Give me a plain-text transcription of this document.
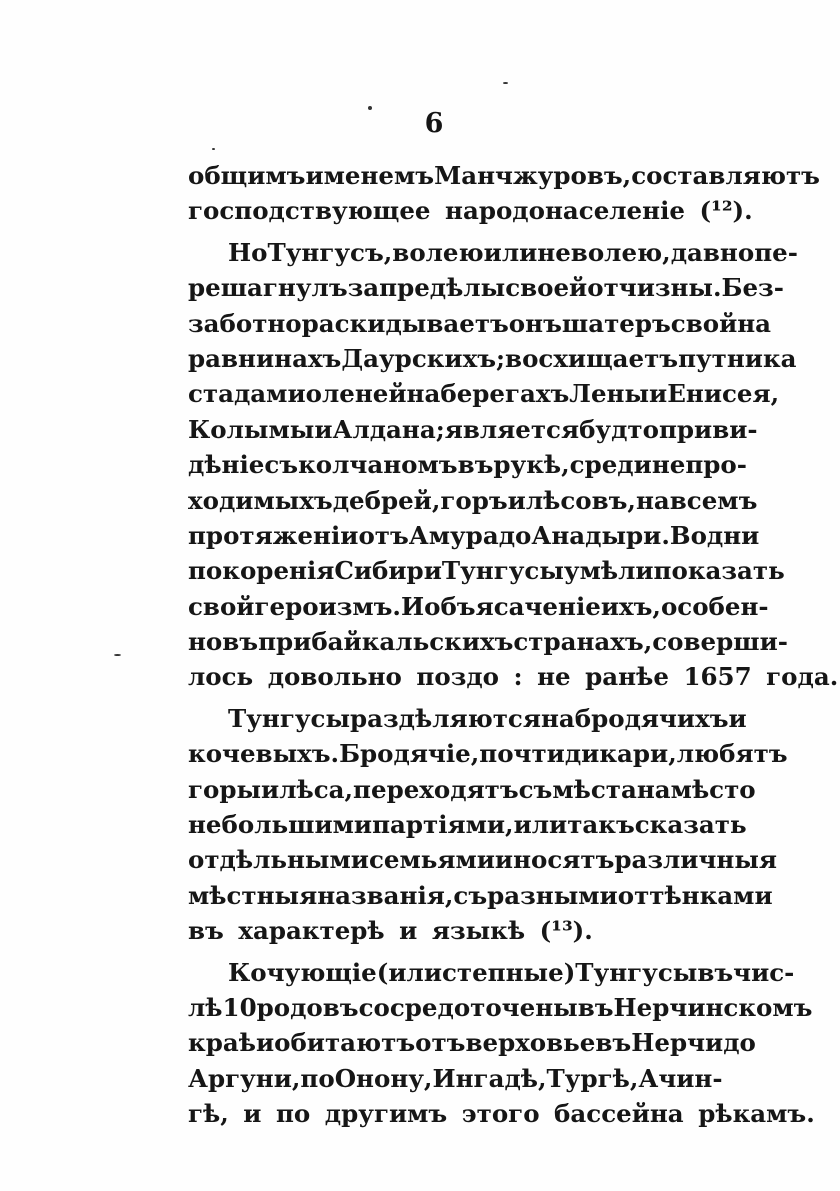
6
общимъ именемъ Манчжуровъ, составляютъ
господствующее народонаселеніе (¹²).
Но Тунгусъ, волею или неволею, давно пе-
решагнулъ за предѣлы своей отчизны. Без-
заботно раскидываетъ онъ шатеръ свой на
равнинахъ Даурскихъ; восхищаетъ путника
стадами оленей на берегахъ Лены и Енисея,
Колымы и Алдана; является будто приви-
дѣніе съ колчаномъ въ рукѣ, среди непро-
ходимыхъ дебрей, горъ и лѣсовъ, на всемъ
протяженіи отъ Амура до Анадыри. Во дни
покоренія Сибири Тунгусы умѣли показать
свой героизмъ. И объясаченіе ихъ, особен-
но въ прибайкальскихъ странахъ, соверши-
лось довольно поздо : не ранѣе 1657 года.
Тунгусы раздѣляются на бродячихъ и
кочевыхъ. Бродячіе, почти дикари, любятъ
горы и лѣса, переходятъ съ мѣста на мѣсто
не большими партіями, или такъ сказать
отдѣльными семьями и носятъ различныя
мѣстныя названія, съ разными оттѣнками
въ характерѣ и языкѣ (¹³).
Кочующіе (или степные) Тунгусы въ чис-
лѣ 10 родовъ сосредоточены въ Нерчинскомъ
краѣ и обитаютъ отъ верховьевъ Нерчи до
Аргуни, по Онону, Ингадѣ, Тургѣ, Ачин-
гѣ, и по другимъ этого бассейна рѣкамъ.
